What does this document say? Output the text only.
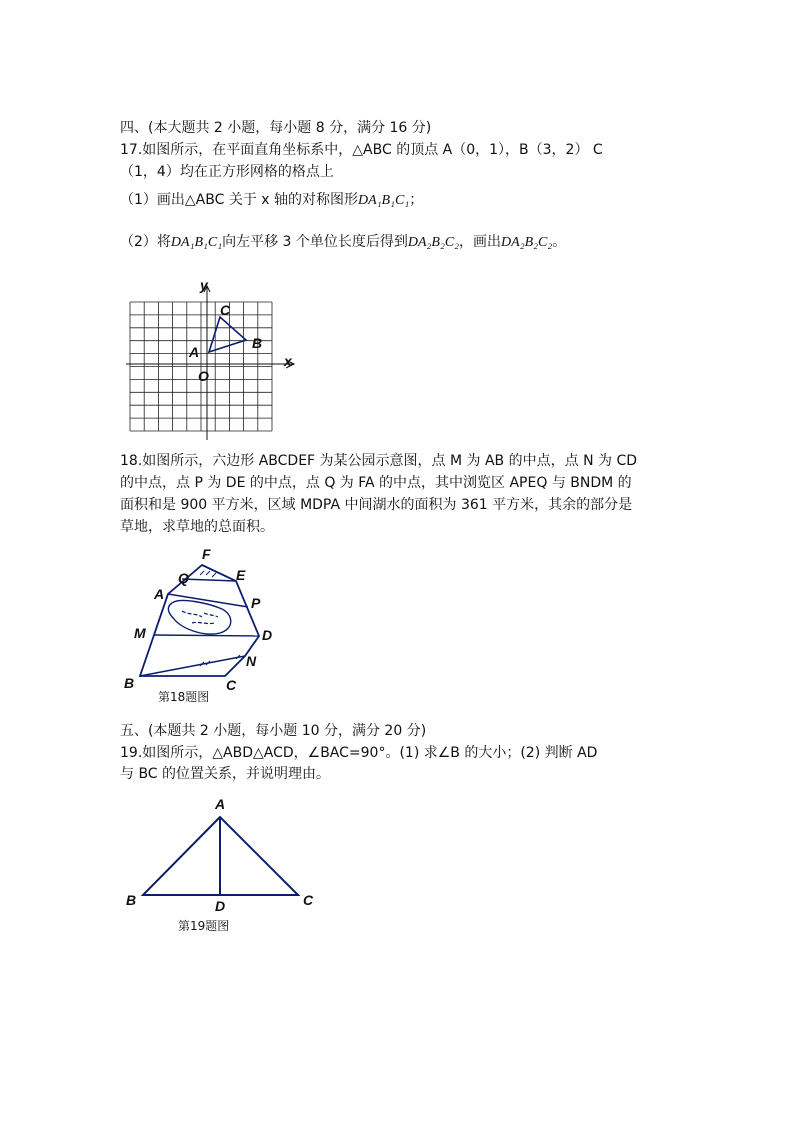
四、(本大题共 2 小题，每小题 8 分，满分 16 分)
17.如图所示，在平面直角坐标系中，△ABC 的顶点 A（0，1），B（3，2） C
（1，4）均在正方形网格的格点上
（1）画出△ABC 关于 x 轴的对称图形DA₁B₁C₁；
（2）将DA₁B₁C₁向左平移 3 个单位长度后得到DA₂B₂C₂，画出DA₂B₂C₂。
y
x
O
A
B
C
18.如图所示，六边形 ABCDEF 为某公园示意图，点 M 为 AB 的中点，点 N 为 CD
的中点，点 P 为 DE 的中点，点 Q 为 FA 的中点，其中浏览区 APEQ 与 BNDM 的
面积和是 900 平方米，区域 MDPA 中间湖水的面积为 361 平方米，其余的部分是
草地，求草地的总面积。
F
E
Q
A
P
M	D
N
B	C
第18题图
五、(本题共 2 小题，每小题 10 分，满分 20 分)
19.如图所示，△ABD△ACD，∠BAC=90°。(1) 求∠B 的大小；(2) 判断 AD
与 BC 的位置关系，并说明理由。
A
B	C
D
第19题图
